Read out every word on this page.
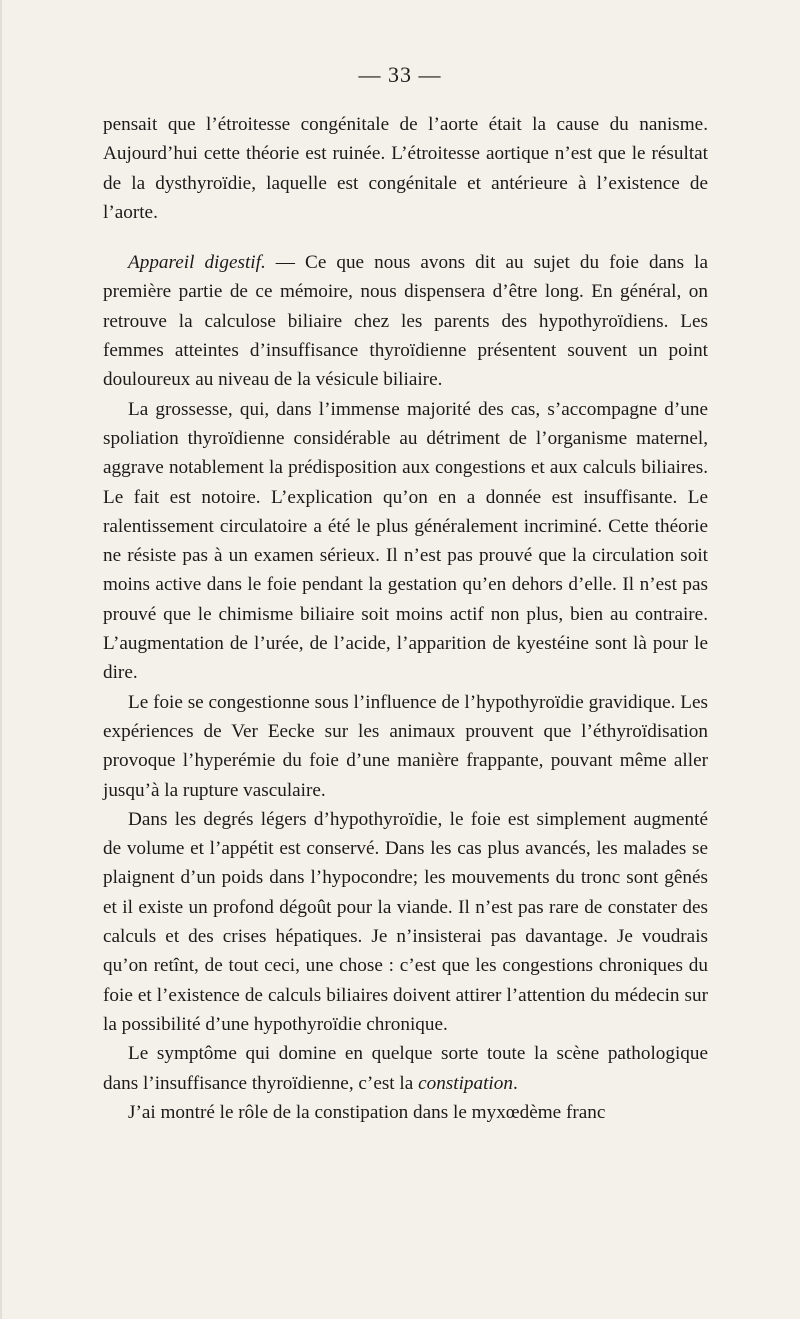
— 33 —

pensait que l’étroitesse congénitale de l’aorte était la cause du nanisme. Aujourd’hui cette théorie est ruinée. L’étroitesse aortique n’est que le résultat de la dysthyroïdie, laquelle est congénitale et antérieure à l’existence de l’aorte.

Appareil digestif. — Ce que nous avons dit au sujet du foie dans la première partie de ce mémoire, nous dispensera d’être long. En général, on retrouve la calculose biliaire chez les parents des hypothyroïdiens. Les femmes atteintes d’insuffisance thyroïdienne présentent souvent un point douloureux au niveau de la vésicule biliaire.

La grossesse, qui, dans l’immense majorité des cas, s’accompagne d’une spoliation thyroïdienne considérable au détriment de l’organisme maternel, aggrave notablement la prédisposition aux congestions et aux calculs biliaires. Le fait est notoire. L’explication qu’on en a donnée est insuffisante. Le ralentissement circulatoire a été le plus généralement incriminé. Cette théorie ne résiste pas à un examen sérieux. Il n’est pas prouvé que la circulation soit moins active dans le foie pendant la gestation qu’en dehors d’elle. Il n’est pas prouvé que le chimisme biliaire soit moins actif non plus, bien au contraire. L’augmentation de l’urée, de l’acide, l’apparition de kyestéine sont là pour le dire.

Le foie se congestionne sous l’influence de l’hypothyroïdie gravidique. Les expériences de Ver Eecke sur les animaux prouvent que l’éthyroïdisation provoque l’hyperémie du foie d’une manière frappante, pouvant même aller jusqu’à la rupture vasculaire.

Dans les degrés légers d’hypothyroïdie, le foie est simplement augmenté de volume et l’appétit est conservé. Dans les cas plus avancés, les malades se plaignent d’un poids dans l’hypocondre; les mouvements du tronc sont gênés et il existe un profond dégoût pour la viande. Il n’est pas rare de constater des calculs et des crises hépatiques. Je n’insisterai pas davantage. Je voudrais qu’on retînt, de tout ceci, une chose : c’est que les congestions chroniques du foie et l’existence de calculs biliaires doivent attirer l’attention du médecin sur la possibilité d’une hypothyroïdie chronique.

Le symptôme qui domine en quelque sorte toute la scène pathologique dans l’insuffisance thyroïdienne, c’est la constipation.

J’ai montré le rôle de la constipation dans le myxœdème franc
